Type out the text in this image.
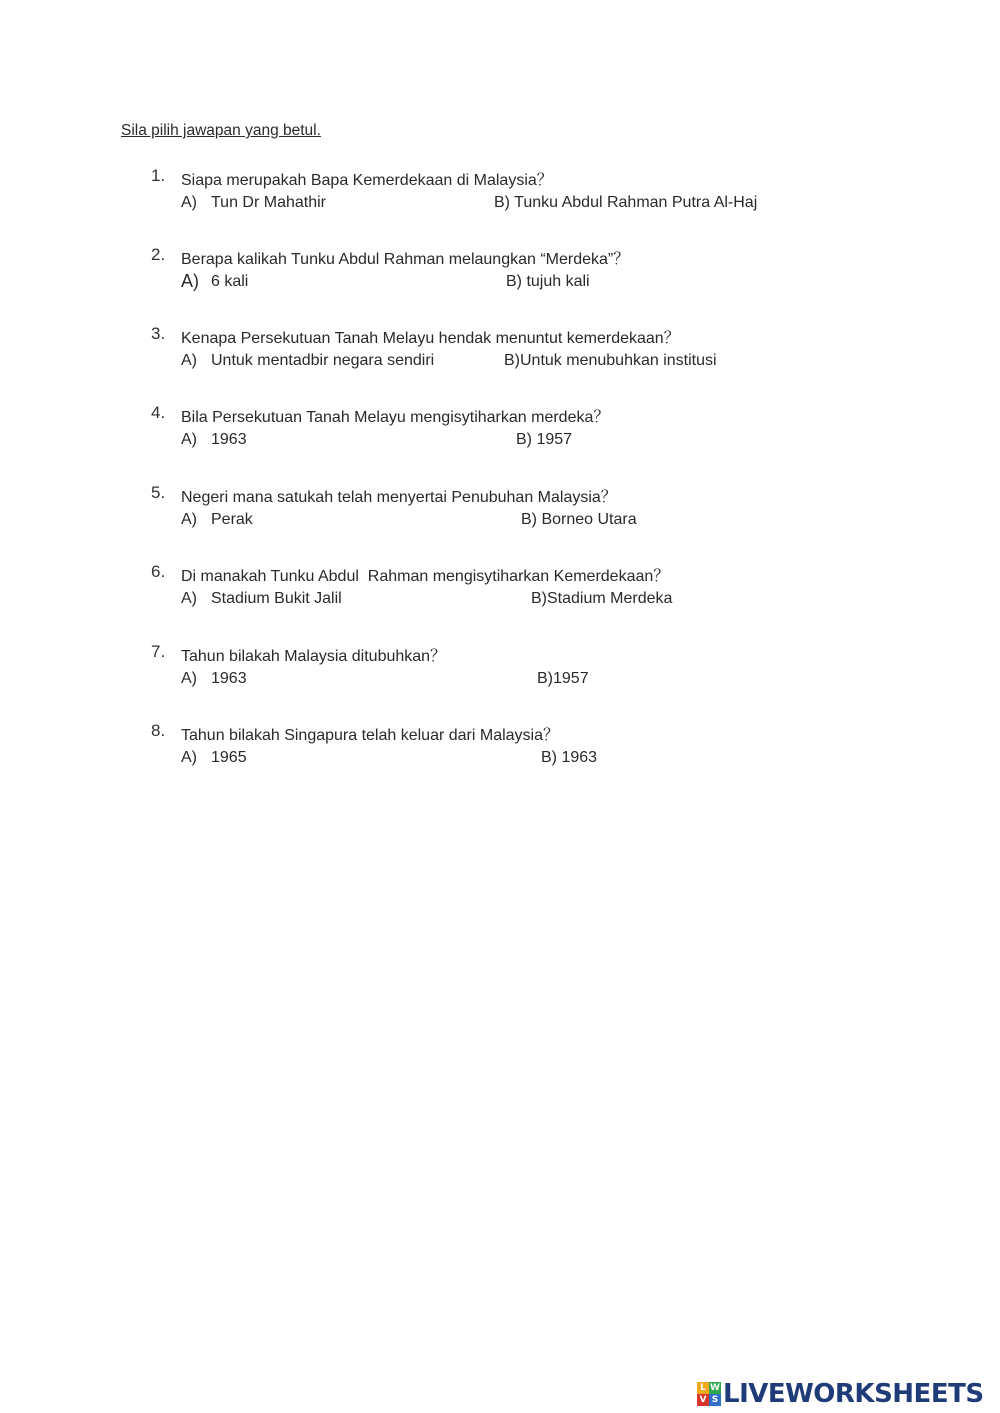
Sila pilih jawapan yang betul.
1. Siapa merupakah Bapa Kemerdekaan di Malaysia？
A) Tun Dr Mahathir	B) Tunku Abdul Rahman Putra Al-Haj
2. Berapa kalikah Tunku Abdul Rahman melaungkan “Merdeka”？
A) 6 kali	B) tujuh kali
3. Kenapa Persekutuan Tanah Melayu hendak menuntut kemerdekaan？
A) Untuk mentadbir negara sendiri	B)Untuk menubuhkan institusi
4. Bila Persekutuan Tanah Melayu mengisytiharkan merdeka？
A) 1963	B) 1957
5. Negeri mana satukah telah menyertai Penubuhan Malaysia？
A) Perak	B) Borneo Utara
6. Di manakah Tunku Abdul  Rahman mengisytiharkan Kemerdekaan？
A) Stadium Bukit Jalil	B)Stadium Merdeka
7. Tahun bilakah Malaysia ditubuhkan？
A) 1963	B)1957
8. Tahun bilakah Singapura telah keluar dari Malaysia？
A) 1965	B) 1963
L W
V S LIVEWORKSHEETS
